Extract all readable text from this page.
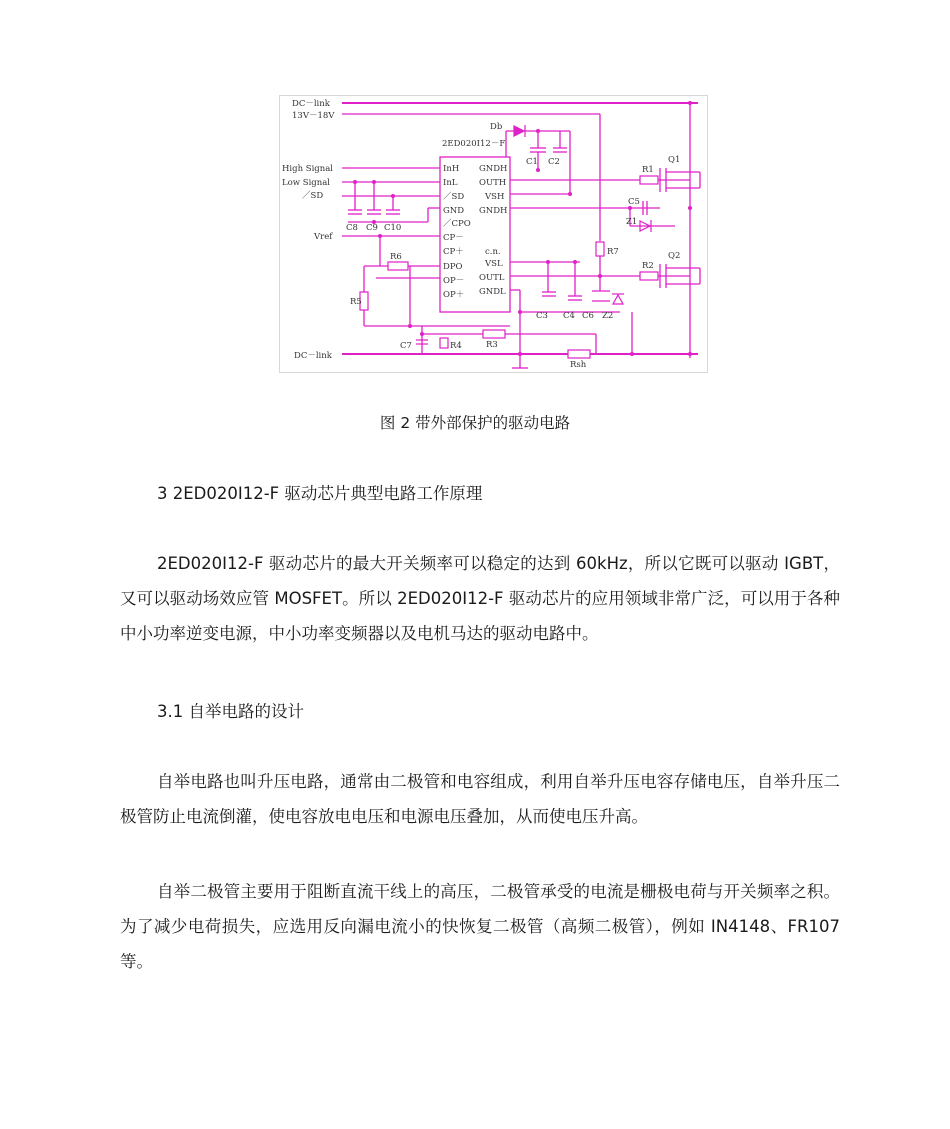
DC－link
13V－18V
2ED020I12－F
Db
C1 C2
High Signal
Low Signal
／SD
C8 C9 C10
Vref
R6
R5
C7	R4	R3
DC－link
Rsh
C3 C4 C6 Z2
R7
R1
R2
Q1
Q2
C5
Z1
InH
InL
／SD
GND
／CPO
CP－
CP＋
DPO
OP－
OP＋
GNDH
OUTH
VSH
GNDH
c.n.
VSL
OUTL
GNDL
图 2 带外部保护的驱动电路

3 2ED020I12-F 驱动芯片典型电路工作原理

2ED020I12-F 驱动芯片的最大开关频率可以稳定的达到 60kHz，所以它既可以驱动 IGBT，又可以驱动场效应管 MOSFET。所以 2ED020I12-F 驱动芯片的应用领域非常广泛，可以用于各种中小功率逆变电源，中小功率变频器以及电机马达的驱动电路中。

3.1 自举电路的设计

自举电路也叫升压电路，通常由二极管和电容组成，利用自举升压电容存储电压，自举升压二极管防止电流倒灌，使电容放电电压和电源电压叠加，从而使电压升高。

自举二极管主要用于阻断直流干线上的高压，二极管承受的电流是栅极电荷与开关频率之积。为了减少电荷损失，应选用反向漏电流小的快恢复二极管（高频二极管），例如 IN4148、FR107 等。
